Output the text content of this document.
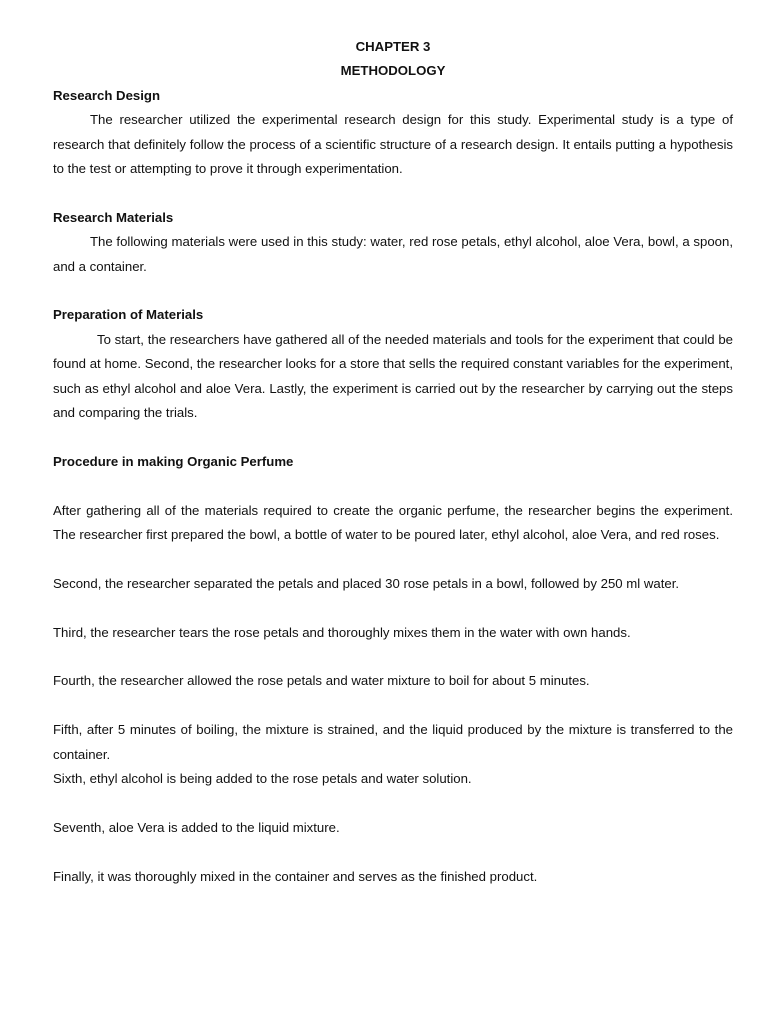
CHAPTER 3
METHODOLOGY
Research Design

The researcher utilized the experimental research design for this study. Experimental study is a type of research that definitely follow the process of a scientific structure of a research design. It entails putting a hypothesis to the test or attempting to prove it through experimentation.

Research Materials

The following materials were used in this study: water, red rose petals, ethyl alcohol, aloe Vera, bowl, a spoon, and a container.

Preparation of Materials

To start, the researchers have gathered all of the needed materials and tools for the experiment that could be found at home. Second, the researcher looks for a store that sells the required constant variables for the experiment, such as ethyl alcohol and aloe Vera. Lastly, the experiment is carried out by the researcher by carrying out the steps and comparing the trials.

Procedure in making Organic Perfume

After gathering all of the materials required to create the organic perfume, the researcher begins the experiment. The researcher first prepared the bowl, a bottle of water to be poured later, ethyl alcohol, aloe Vera, and red roses.

Second, the researcher separated the petals and placed 30 rose petals in a bowl, followed by 250 ml water.

Third, the researcher tears the rose petals and thoroughly mixes them in the water with own hands.

Fourth, the researcher allowed the rose petals and water mixture to boil for about 5 minutes.

Fifth, after 5 minutes of boiling, the mixture is strained, and the liquid produced by the mixture is transferred to the container.

Sixth, ethyl alcohol is being added to the rose petals and water solution.

Seventh, aloe Vera is added to the liquid mixture.

Finally, it was thoroughly mixed in the container and serves as the finished product.
